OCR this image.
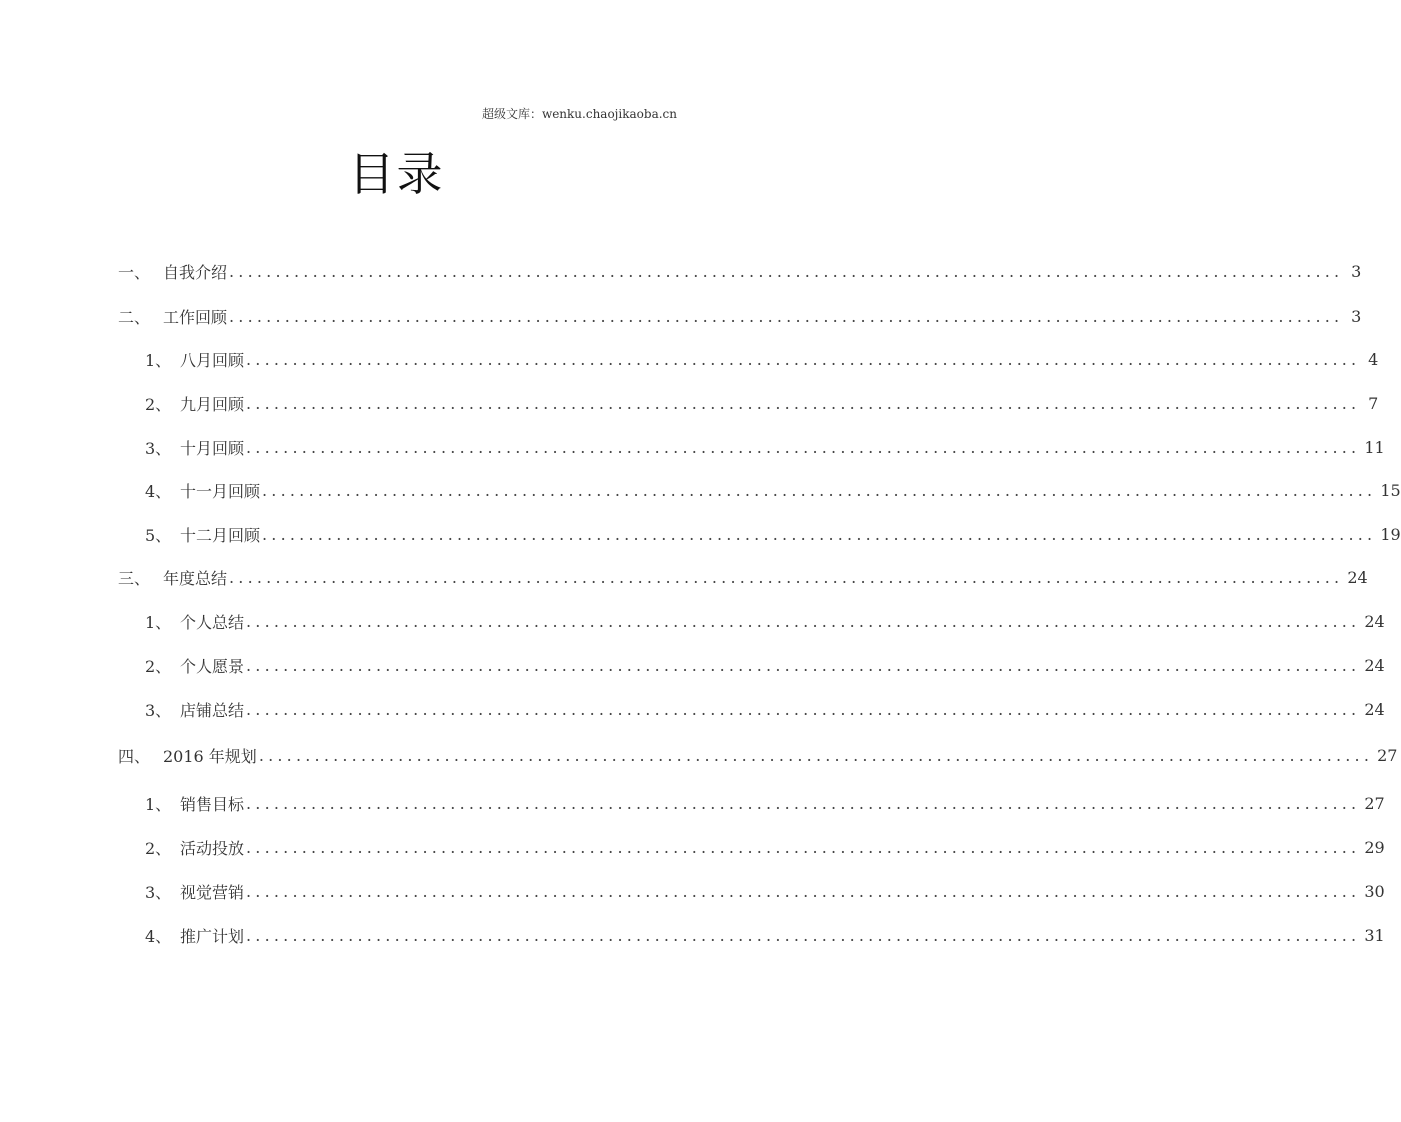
超级文库：wenku.chaojikaoba.cn
目录
一、 自我介绍 ........................................................................................................................ 3
二、 工作回顾 ........................................................................................................................ 3
1、 八月回顾 ........................................................................................................................ 4
2、 九月回顾 ........................................................................................................................ 7
3、 十月回顾 ........................................................................................................................ 11
4、 十一月回顾 ........................................................................................................................ 15
5、 十二月回顾 ........................................................................................................................ 19
三、 年度总结 ........................................................................................................................ 24
1、 个人总结 ........................................................................................................................ 24
2、 个人愿景 ........................................................................................................................ 24
3、 店铺总结 ........................................................................................................................ 24
四、 2016 年规划 ........................................................................................................................ 27
1、 销售目标 ........................................................................................................................ 27
2、 活动投放 ........................................................................................................................ 29
3、 视觉营销 ........................................................................................................................ 30
4、 推广计划 ........................................................................................................................ 31
